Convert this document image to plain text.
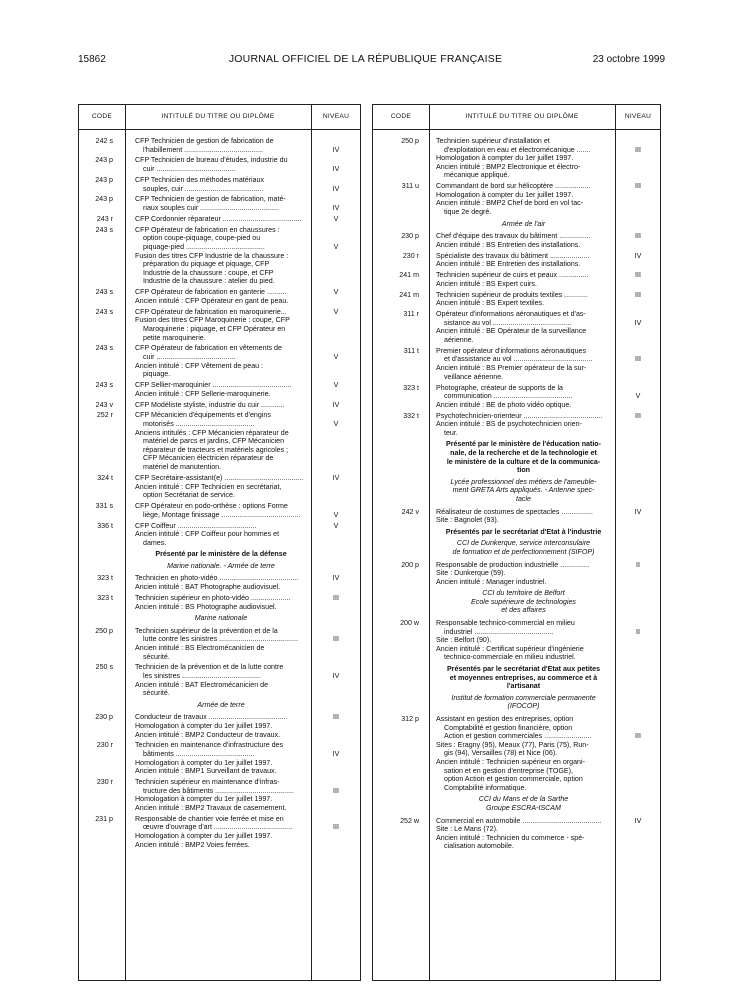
15862	JOURNAL OFFICIEL DE LA RÉPUBLIQUE FRANÇAISE	23 octobre 1999
CODE	INTITULÉ DU TITRE OU DIPLÔME	NIVEAU
242 s	CFP Technicien de gestion de fabrication de
l'habillement ........................................	IV
243 p	CFP Technicien de bureau d'études, industrie du
cuir ........................................	IV
243 p	CFP Technicien des méthodes matériaux
souples, cuir ........................................	IV
243 p	CFP Technicien de gestion de fabrication, maté-
riaux souples cuir ........................................	IV
243 r	CFP Cordonnier réparateur ........................................	V
243 s	CFP Opérateur de fabrication en chaussures :
option coupe-piquage, coupe-pied ou
piquage-pied ........................................
Fusion des titres CFP Industrie de la chaussure :
préparation du piquage et piquage, CFP
Industrie de la chaussure : coupe, et CFP
Industrie de la chaussure : atelier du pied.
V
243 s	CFP Opérateur de fabrication en ganterie ..........
Ancien intitulé : CFP Opérateur en gant de peau.
V
243 s	CFP Opérateur de fabrication en maroquinerie...
Fusion des titres CFP Maroquinerie : coupe, CFP
Maroquinerie : piquage, et CFP Opérateur en
petite maroquinerie.
V
243 s	CFP Opérateur de fabrication en vêtements de
cuir ........................................
Ancien intitulé : CFP Vêtement de peau :
piquage.
V
243 s	CFP Sellier-maroquinier ........................................
Ancien intitulé : CFP Sellerie-maroquinerie.
V
243 v	CFP Modéliste styliste, industrie du cuir ............	IV
252 r	CFP Mécanicien d'équipements et d'engins
motorisés ........................................
Anciens intitulés : CFP Mécanicien réparateur de
matériel de parcs et jardins, CFP Mécanicien
réparateur de tracteurs et matériels agricoles ;
CFP Mécanicien électricien réparateur de
matériel de manutention.
V
324 t	CFP Secrétaire-assistant(e) ........................................
Ancien intitulé : CFP Technicien en secrétariat,
option Secrétariat de service.
IV
331 s	CFP Opérateur en podo-orthèse : options Forme
liège, Montage finissage ........................................	V
336 t	CFP Coiffeur ........................................
Ancien intitulé : CFP Coiffeur pour hommes et
dames.
V
Présenté par le ministère de la défense
Marine nationale. - Armée de terre
323 t	Technicien en photo-vidéo ........................................
Ancien intitulé : BAT Photographe audiovisuel.
IV
323 t	Technicien supérieur en photo-vidéo ....................
Ancien intitulé : BS Photographe audiovisuel.
III
Marine nationale
250 p	Technicien supérieur de la prévention et de la
lutte contre les sinistres ........................................
Ancien intitulé : BS Electromécanicien de
sécurité.
III
250 s	Technicien de la prévention et de la lutte contre
les sinistres ........................................
Ancien intitulé : BAT Electromécanicien de
sécurité.
IV
Armée de terre
230 p	Conducteur de travaux ........................................
Homologation à compter du 1er juillet 1997.
Ancien intitulé : BMP2 Conducteur de travaux.
III
230 r	Technicien en maintenance d'infrastructure des
bâtiments ........................................
Homologation à compter du 1er juillet 1997.
Ancien intitulé : BMP1 Surveillant de travaux.
IV
230 r	Technicien supérieur en maintenance d'infras-
tructure des bâtiments ........................................
Homologation à compter du 1er juillet 1997.
Ancien intitulé : BMP2 Travaux de casernement.
III
231 p	Responsable de chantier voie ferrée et mise en
œuvre d'ouvrage d'art ........................................
Homologation à compter du 1er juillet 1997.
Ancien intitulé : BMP2 Voies ferrées.
III
CODE	INTITULÉ DU TITRE OU DIPLÔME	NIVEAU
250 p Technicien supérieur d'installation et
d'exploitation en eau et électromécanique .......
Homologation à compter du 1er juillet 1997.
Ancien intitulé : BMP2 Electronique et électro-
mécanique appliqué.
III
311 u Commandant de bord sur hélicoptère ..................
Homologation à compter du 1er juillet 1997.
Ancien intitulé : BMP2 Chef de bord en vol tac-
tique 2e degré.
III
Armée de l'air
230 p Chef d'équipe des travaux du bâtiment ................
Ancien intitulé : BS Entretien des installations.
III
230 r Spécialiste des travaux du bâtiment ....................
Ancien intitulé : BE Entretien des installations.
IV
241 m Technicien supérieur de cuirs et peaux ...............
Ancien intitulé : BS Expert cuirs.
III
241 m Technicien supérieur de produits textiles ............
Ancien intitulé : BS Expert textiles.
III
311 r Opérateur d'informations aéronautiques et d'as-
sistance au vol ........................................
Ancien intitulé : BE Opérateur de la surveillance
aérienne.
IV
311 t Premier opérateur d'informations aéronautiques
et d'assistance au vol ........................................
Ancien intitulé : BS Premier opérateur de la sur-
veillance aérienne.
III
323 t Photographe, créateur de supports de la
communication ........................................
Ancien intitulé : BE de photo vidéo optique.
V
332 t Psychotechnicien-orienteur ........................................
Ancien intitulé : BS de psychotechnicien orien-
teur.
III
Présenté par le ministère de l'éducation natio-
nale, de la recherche et de la technologie et
le ministère de la culture et de la communica-
tion
Lycée professionnel des métiers de l'ameuble-
ment GRETA Arts appliqués. - Antenne spec-
tacle
242 v Réalisateur de costumes de spectacles ................
Site : Bagnolet (93).
IV
Présentés par le secrétariat d'Etat à l'industrie
CCI de Dunkerque, service interconsulaire
de formation et de perfectionnement (SIFOP)
200 p Responsable de production industrielle ...............
Site : Dunkerque (59).
Ancien intitulé : Manager industriel.
II
CCI du territoire de Belfort
Ecole supérieure de technologies
et des affaires
200 w Responsable technico-commercial en milieu
industriel ........................................
Site : Belfort (90).
Ancien intitulé : Certificat supérieur d'ingénierie
technico-commerciale en milieu industriel.
II
Présentés par le secrétariat d'Etat aux petites
et moyennes entreprises, au commerce et à
l'artisanat
Institut de formation commerciale permanente
(IFOCOP)
312 p Assistant en gestion des entreprises, option
Comptabilité et gestion financière, option
Action et gestion commerciales ........................
Sites : Eragny (95), Meaux (77), Paris (75), Run-
gis (94), Versailles (78) et Nice (06).
Ancien intitulé : Technicien supérieur en organi-
sation et en gestion d'entreprise (TOGE),
option Action et gestion commerciale, option
Comptabilité informatique.
III
CCI du Mans et de la Sarthe
Groupe ESCRA-ISCAM
252 w Commercial en automobile ........................................
Site : Le Mans (72).
Ancien intitulé : Technicien du commerce - spé-
cialisation automobile.
IV
